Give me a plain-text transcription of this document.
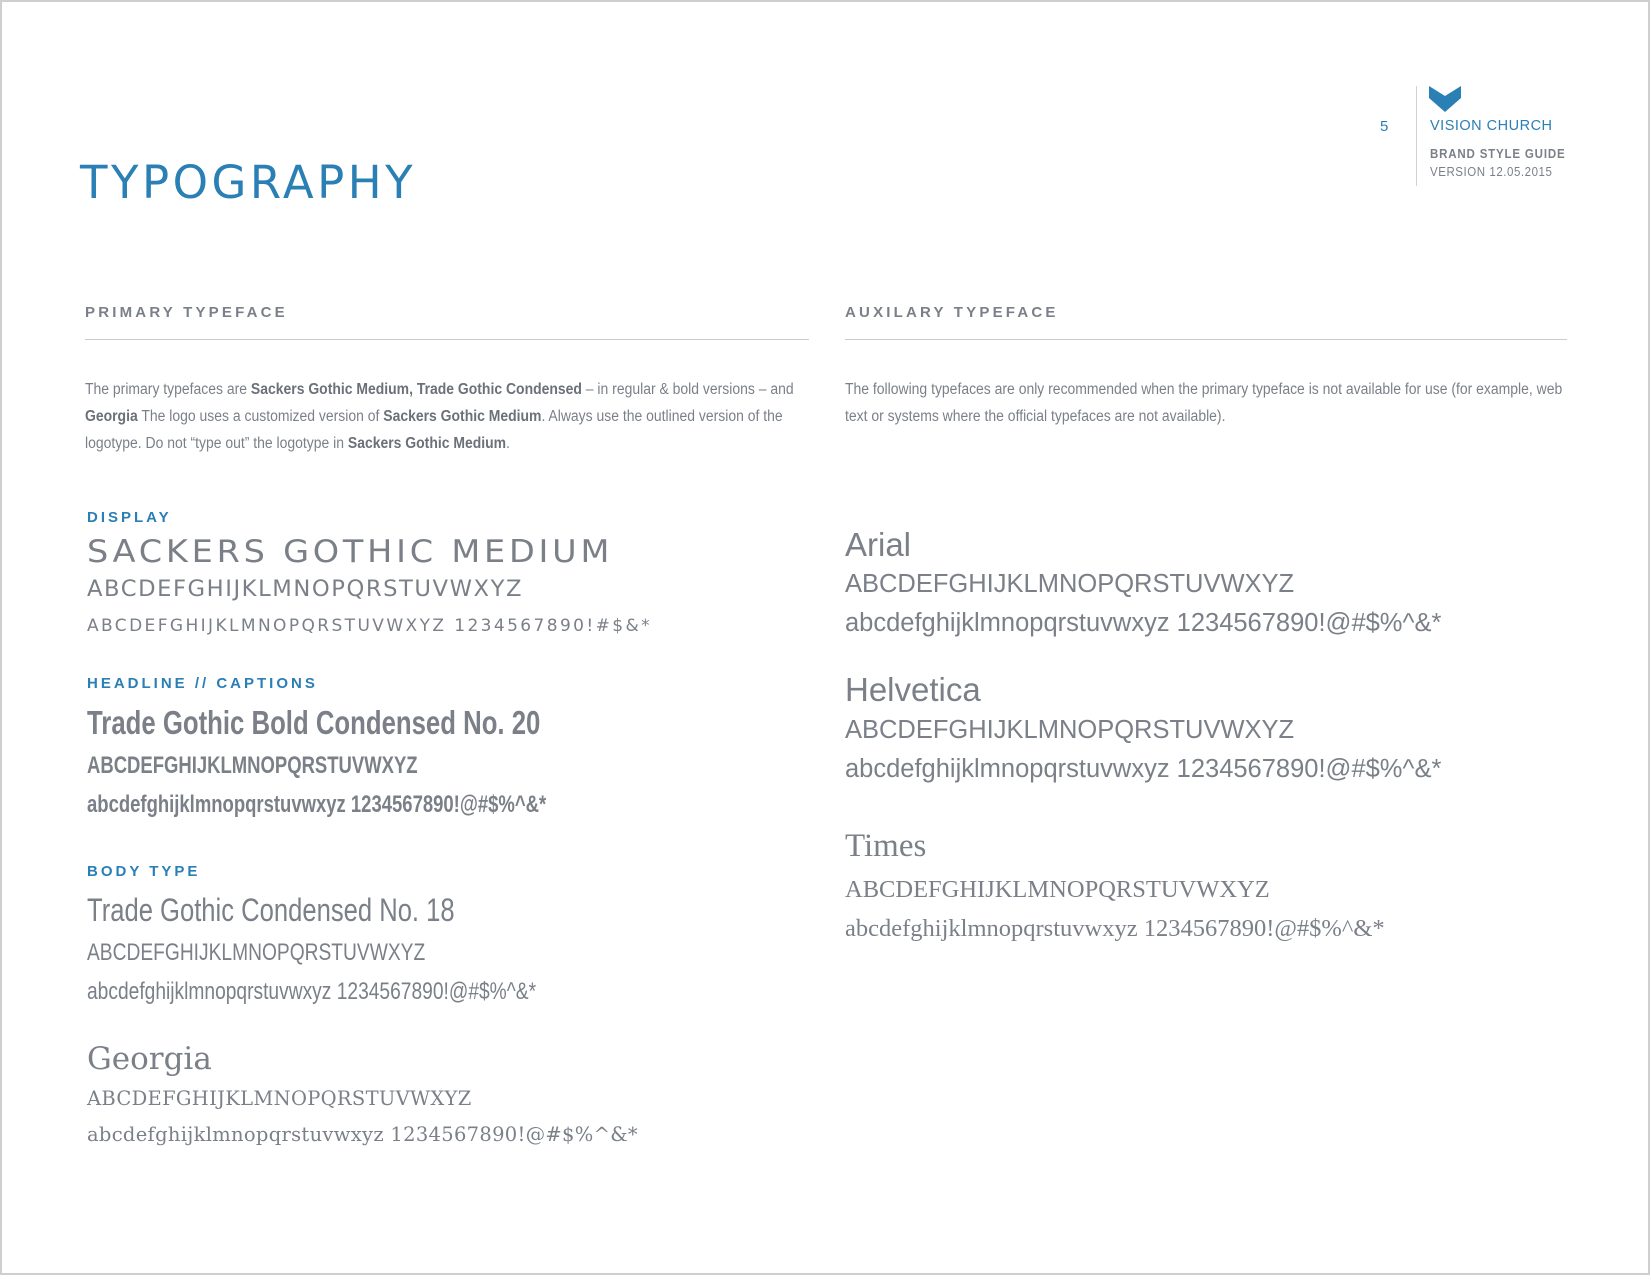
TYPOGRAPHY
5	VISION CHURCH
BRAND STYLE GUIDE
VERSION 12.05.2015
PRIMARY TYPEFACE
The primary typefaces are Sackers Gothic Medium, Trade Gothic Condensed – in regular & bold versions – and Georgia The logo uses a customized version of Sackers Gothic Medium. Always use the outlined version of the logotype. Do not “type out” the logotype in Sackers Gothic Medium.
DISPLAY
SACKERS GOTHIC MEDIUM
ABCDEFGHIJKLMNOPQRSTUVWXYZ
ABCDEFGHIJKLMNOPQRSTUVWXYZ 1234567890!#$&*
HEADLINE // CAPTIONS
Trade Gothic Bold Condensed No. 20
ABCDEFGHIJKLMNOPQRSTUVWXYZ
abcdefghijklmnopqrstuvwxyz 1234567890!@#$%^&*
BODY TYPE
Trade Gothic Condensed No. 18
ABCDEFGHIJKLMNOPQRSTUVWXYZ
abcdefghijklmnopqrstuvwxyz 1234567890!@#$%^&*
Georgia
ABCDEFGHIJKLMNOPQRSTUVWXYZ
abcdefghijklmnopqrstuvwxyz 1234567890!@#$%^&*
AUXILARY TYPEFACE
The following typefaces are only recommended when the primary typeface is not available for use (for example, web text or systems where the official typefaces are not available).
Arial
ABCDEFGHIJKLMNOPQRSTUVWXYZ
abcdefghijklmnopqrstuvwxyz 1234567890!@#$%^&*
Helvetica
ABCDEFGHIJKLMNOPQRSTUVWXYZ
abcdefghijklmnopqrstuvwxyz 1234567890!@#$%^&*
Times
ABCDEFGHIJKLMNOPQRSTUVWXYZ
abcdefghijklmnopqrstuvwxyz 1234567890!@#$%^&*
